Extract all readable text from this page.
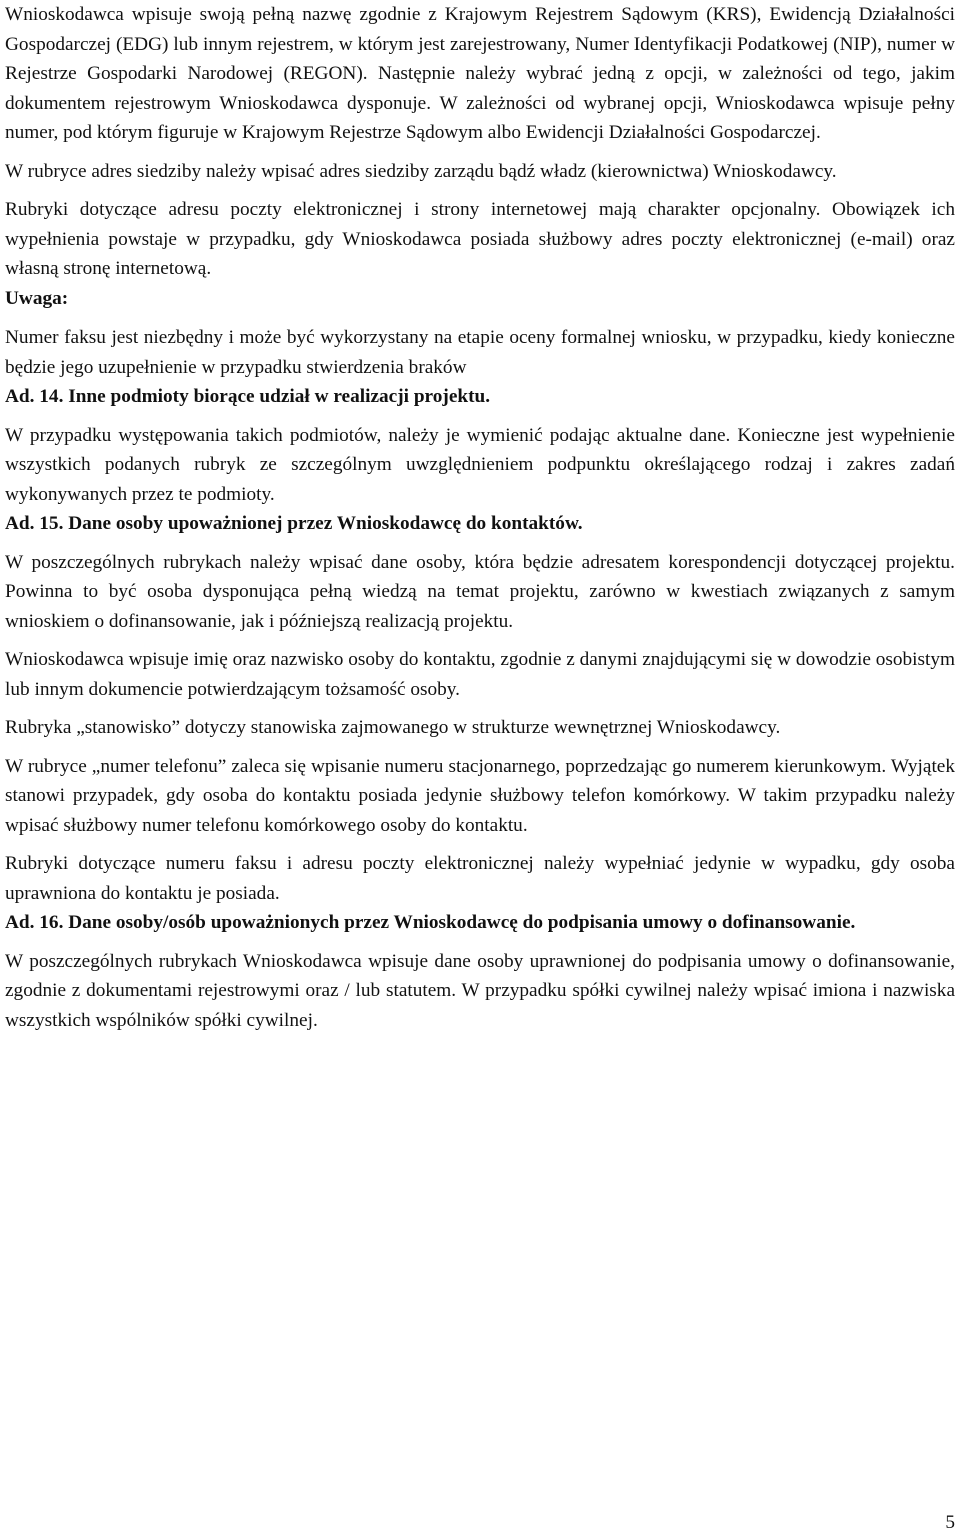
Wnioskodawca wpisuje swoją pełną nazwę zgodnie z Krajowym Rejestrem Sądowym (KRS), Ewidencją Działalności Gospodarczej (EDG) lub innym rejestrem, w którym jest zarejestrowany, Numer Identyfikacji Podatkowej (NIP), numer w Rejestrze Gospodarki Narodowej (REGON). Następnie należy wybrać jedną z opcji, w zależności od tego, jakim dokumentem rejestrowym Wnioskodawca dysponuje. W zależności od wybranej opcji, Wnioskodawca wpisuje pełny numer, pod którym figuruje w Krajowym Rejestrze Sądowym albo Ewidencji Działalności Gospodarczej.

W rubryce adres siedziby należy wpisać adres siedziby zarządu bądź władz (kierownictwa) Wnioskodawcy.

Rubryki dotyczące adresu poczty elektronicznej i strony internetowej mają charakter opcjonalny. Obowiązek ich wypełnienia powstaje w przypadku, gdy Wnioskodawca posiada służbowy adres poczty elektronicznej (e-mail) oraz własną stronę internetową.

Uwaga:

Numer faksu jest niezbędny i może być wykorzystany na etapie oceny formalnej wniosku, w przypadku, kiedy konieczne będzie jego uzupełnienie w przypadku stwierdzenia braków

Ad. 14. Inne podmioty biorące udział w realizacji projektu.

W przypadku występowania takich podmiotów, należy je wymienić podając aktualne dane. Konieczne jest wypełnienie wszystkich podanych rubryk ze szczególnym uwzględnieniem podpunktu określającego rodzaj i zakres zadań wykonywanych przez te podmioty.

Ad. 15. Dane osoby upoważnionej przez Wnioskodawcę do kontaktów.

W poszczególnych rubrykach należy wpisać dane osoby, która będzie adresatem korespondencji dotyczącej projektu. Powinna to być osoba dysponująca pełną wiedzą na temat projektu, zarówno w kwestiach związanych z samym wnioskiem o dofinansowanie, jak i późniejszą realizacją projektu.

Wnioskodawca wpisuje imię oraz nazwisko osoby do kontaktu, zgodnie z danymi znajdującymi się w dowodzie osobistym lub innym dokumencie potwierdzającym tożsamość osoby.

Rubryka „stanowisko” dotyczy stanowiska zajmowanego w strukturze wewnętrznej Wnioskodawcy.

W rubryce „numer telefonu” zaleca się wpisanie numeru stacjonarnego, poprzedzając go numerem kierunkowym. Wyjątek stanowi przypadek, gdy osoba do kontaktu posiada jedynie służbowy telefon komórkowy. W takim przypadku należy wpisać służbowy numer telefonu komórkowego osoby do kontaktu.

Rubryki dotyczące numeru faksu i adresu poczty elektronicznej należy wypełniać jedynie w wypadku, gdy osoba uprawniona do kontaktu je posiada.

Ad. 16. Dane osoby/osób upoważnionych przez Wnioskodawcę do podpisania umowy o dofinansowanie.

W poszczególnych rubrykach Wnioskodawca wpisuje dane osoby uprawnionej do podpisania umowy o dofinansowanie, zgodnie z dokumentami rejestrowymi oraz / lub statutem. W przypadku spółki cywilnej należy wpisać imiona i nazwiska wszystkich wspólników spółki cywilnej.

5
